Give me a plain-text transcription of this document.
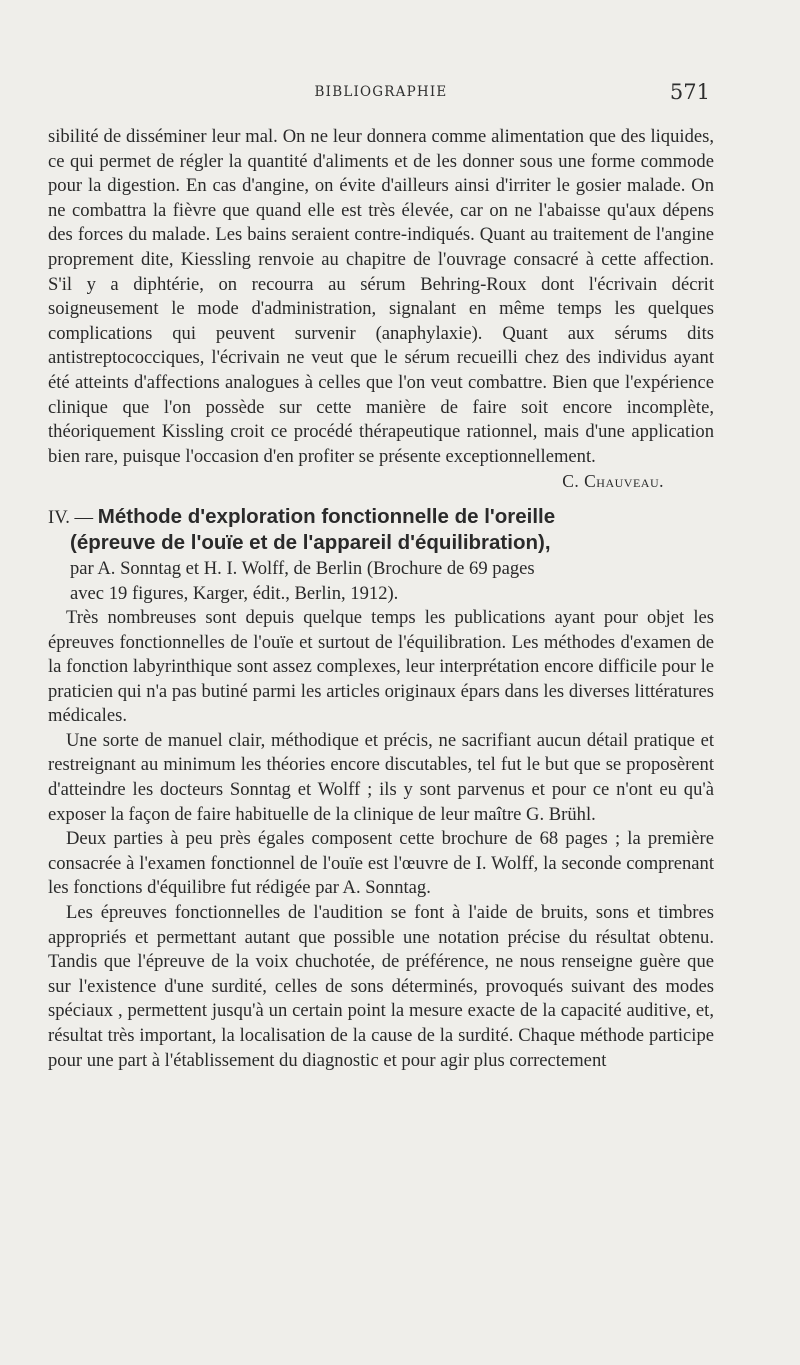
BIBLIOGRAPHIE	571

sibilité de disséminer leur mal. On ne leur donnera comme alimentation que des liquides, ce qui permet de régler la quantité d'aliments et de les donner sous une forme commode pour la digestion. En cas d'angine, on évite d'ailleurs ainsi d'irriter le gosier malade. On ne combattra la fièvre que quand elle est très élevée, car on ne l'abaisse qu'aux dépens des forces du malade. Les bains seraient contre-indiqués. Quant au traitement de l'angine proprement dite, Kiessling renvoie au chapitre de l'ouvrage consacré à cette affection. S'il y a diphtérie, on recourra au sérum Behring-Roux dont l'écrivain décrit soigneusement le mode d'administration, signalant en même temps les quelques complications qui peuvent survenir (anaphylaxie). Quant aux sérums dits antistreptococciques, l'écrivain ne veut que le sérum recueilli chez des individus ayant été atteints d'affections analogues à celles que l'on veut combattre. Bien que l'expérience clinique que l'on possède sur cette manière de faire soit encore incomplète, théoriquement Kissling croit ce procédé thérapeutique rationnel, mais d'une application bien rare, puisque l'occasion d'en profiter se présente exceptionnellement.

C. Chauveau.

IV. — Méthode d'exploration fonctionnelle de l'oreille
(épreuve de l'ouïe et de l'appareil d'équilibration),
par A. Sonntag et H. I. Wolff, de Berlin (Brochure de 69 pages
avec 19 figures, Karger, édit., Berlin, 1912).

Très nombreuses sont depuis quelque temps les publications ayant pour objet les épreuves fonctionnelles de l'ouïe et surtout de l'équilibration. Les méthodes d'examen de la fonction labyrinthique sont assez complexes, leur interprétation encore difficile pour le praticien qui n'a pas butiné parmi les articles originaux épars dans les diverses littératures médicales.

Une sorte de manuel clair, méthodique et précis, ne sacrifiant aucun détail pratique et restreignant au minimum les théories encore discutables, tel fut le but que se proposèrent d'atteindre les docteurs Sonntag et Wolff ; ils y sont parvenus et pour ce n'ont eu qu'à exposer la façon de faire habituelle de la clinique de leur maître G. Brühl.

Deux parties à peu près égales composent cette brochure de 68 pages ; la première consacrée à l'examen fonctionnel de l'ouïe est l'œuvre de I. Wolff, la seconde comprenant les fonctions d'équilibre fut rédigée par A. Sonntag.

Les épreuves fonctionnelles de l'audition se font à l'aide de bruits, sons et timbres appropriés et permettant autant que possible une notation précise du résultat obtenu. Tandis que l'épreuve de la voix chuchotée, de préférence, ne nous renseigne guère que sur l'existence d'une surdité, celles de sons déterminés, provoqués suivant des modes spéciaux , permettent jusqu'à un certain point la mesure exacte de la capacité auditive, et, résultat très important, la localisation de la cause de la surdité. Chaque méthode participe pour une part à l'établissement du diagnostic et pour agir plus correctement
